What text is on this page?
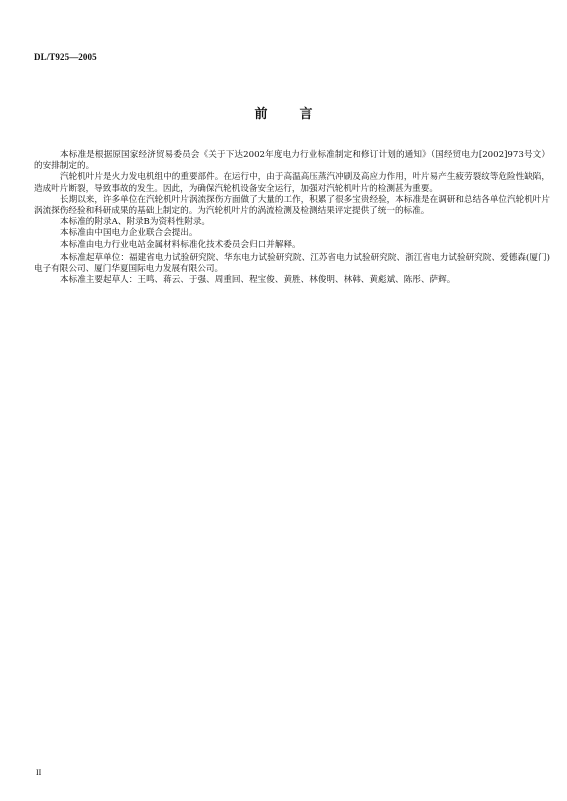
DL/T925—2005
前言

本标准是根据原国家经济贸易委员会《关于下达2002年度电力行业标准制定和修订计划的通知》（国经贸电力[2002]973号文）的安排制定的。

汽轮机叶片是火力发电机组中的重要部件。在运行中，由于高温高压蒸汽冲刷及高应力作用，叶片易产生疲劳裂纹等危险性缺陷，造成叶片断裂，导致事故的发生。因此，为确保汽轮机设备安全运行，加强对汽轮机叶片的检测甚为重要。

长期以来，许多单位在汽轮机叶片涡流探伤方面做了大量的工作，积累了很多宝贵经验，本标准是在调研和总结各单位汽轮机叶片涡流探伤经验和科研成果的基础上制定的。为汽轮机叶片的涡流检测及检测结果评定提供了统一的标准。

本标准的附录A、附录B为资料性附录。

本标准由中国电力企业联合会提出。

本标准由电力行业电站金属材料标准化技术委员会归口并解释。

本标准起草单位：福建省电力试验研究院、华东电力试验研究院、江苏省电力试验研究院、浙江省电力试验研究院、爱德森(厦门)电子有限公司、厦门华夏国际电力发展有限公司。

本标准主要起草人：王鸣、蒋云、于强、周重回、程宝俊、黄胜、林俊明、林韩、黄彪斌、陈彤、萨辉。

II
